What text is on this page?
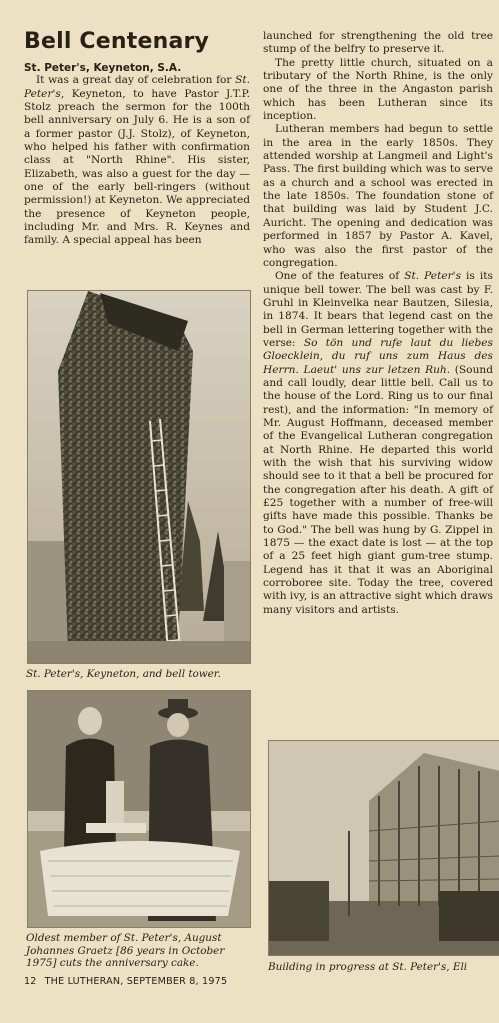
Bell Centenary
St. Peter's, Keyneton, S.A.

It was a great day of celebration for St. Peter's, Keyneton, to have Pastor J.T.P. Stolz preach the sermon for the 100th bell anniversary on July 6. He is a son of a former pastor (J.J. Stolz), of Keyneton, who helped his father with confirmation class at "North Rhine". His sister, Elizabeth, was also a guest for the day — one of the early bell-ringers (without permission!) at Keyneton. We appreciated the presence of Keyneton people, including Mr. and Mrs. R. Keynes and family. A special appeal has been

St. Peter's, Keyneton, and bell tower.
Oldest member of St. Peter's, August Johannes Graetz [86 years in October 1975] cuts the anniversary cake.

launched for strengthening the old tree stump of the belfry to preserve it.

The pretty little church, situated on a tributary of the North Rhine, is the only one of the three in the Angaston parish which has been Lutheran since its inception.

Lutheran members had begun to settle in the area in the early 1850s. They attended worship at Langmeil and Light's Pass. The first building which was to serve as a church and a school was erected in the late 1850s. The foundation stone of that building was laid by Student J.C. Auricht. The opening and dedication was performed in 1857 by Pastor A. Kavel, who was also the first pastor of the congregation.

One of the features of St. Peter's is its unique bell tower. The bell was cast by F. Gruhl in Kleinvelka near Bautzen, Silesia, in 1874. It bears that legend cast on the bell in German lettering together with the verse: So tön und rufe laut du liebes Gloecklein, du ruf uns zum Haus des Herrn. Laeut' uns zur letzen Ruh. (Sound and call loudly, dear little bell. Call us to the house of the Lord. Ring us to our final rest), and the information: "In memory of Mr. August Hoffmann, deceased member of the Evangelical Lutheran congregation at North Rhine. He departed this world with the wish that his surviving widow should see to it that a bell be procured for the congregation after his death. A gift of £25 together with a number of free-will gifts have made this possible. Thanks be to God." The bell was hung by G. Zippel in 1875 — the exact date is lost — at the top of a 25 feet high giant gum-tree stump. Legend has it that it was an Aboriginal corroboree site. Today the tree, covered with ivy, is an attractive sight which draws many visitors and artists.

Building in progress at St. Peter's, Eli
12 THE LUTHERAN, SEPTEMBER 8, 1975
